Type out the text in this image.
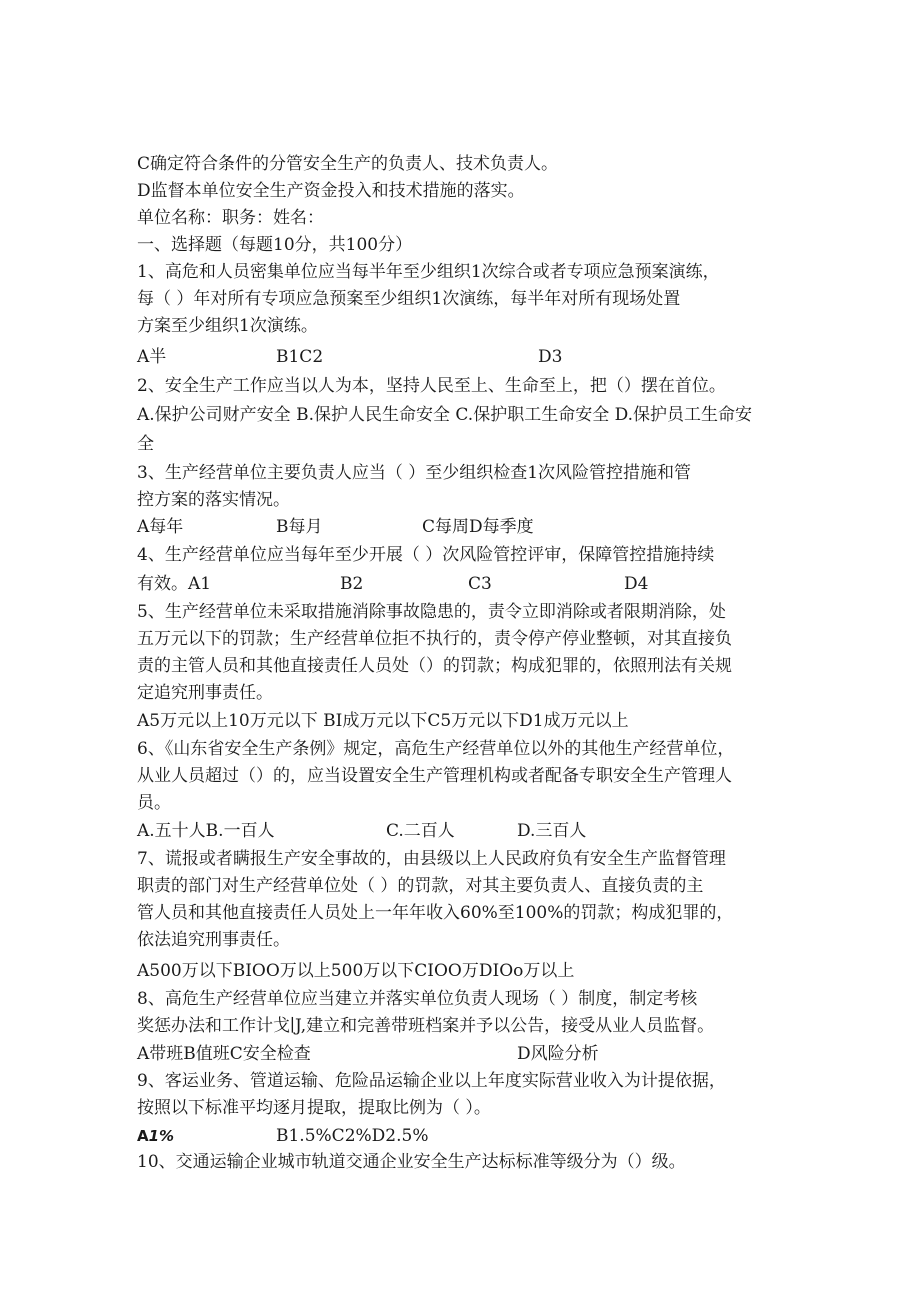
C确定符合条件的分管安全生产的负责人、技术负责人。

D监督本单位安全生产资金投入和技术措施的落实。

单位名称：职务：姓名：

一、选择题（每题10分，共100分）

1、高危和人员密集单位应当每半年至少组织1次综合或者专项应急预案演练，

每（ ）年对所有专项应急预案至少组织1次演练，每半年对所有现场处置

方案至少组织1次演练。

A半	B1C2	D3

2、安全生产工作应当以人为本，坚持人民至上、生命至上，把（）摆在首位。

A.保护公司财产安全 B.保护人民生命安全 C.保护职工生命安全 D.保护员工生命安

全

3、生产经营单位主要负责人应当（ ）至少组织检查1次风险管控措施和管

控方案的落实情况。

A每年	B每月	C每周D每季度

4、生产经营单位应当每年至少开展（ ）次风险管控评审，保障管控措施持续

有效。A1	B2	C3	D4

5、生产经营单位未采取措施消除事故隐患的，责令立即消除或者限期消除，处

五万元以下的罚款；生产经营单位拒不执行的，责令停产停业整顿，对其直接负

责的主管人员和其他直接责任人员处（）的罚款；构成犯罪的，依照刑法有关规

定追究刑事责任。

A5万元以上10万元以下 BI成万元以下C5万元以下D1成万元以上

6、《山东省安全生产条例》规定，高危生产经营单位以外的其他生产经营单位，

从业人员超过（）的，应当设置安全生产管理机构或者配备专职安全生产管理人

员。

A.五十人B.一百人	C.二百人	D.三百人

7、谎报或者瞒报生产安全事故的，由县级以上人民政府负有安全生产监督管理

职责的部门对生产经营单位处（ ）的罚款，对其主要负责人、直接负责的主

管人员和其他直接责任人员处上一年年收入60%至100%的罚款；构成犯罪的，

依法追究刑事责任。

A500万以下BIOO万以上500万以下CIOO万DIOo万以上

8、高危生产经营单位应当建立并落实单位负责人现场（ ）制度，制定考核

奖惩办法和工作计戈∣J,建立和完善带班档案并予以公告，接受从业人员监督。

A带班B值班C安全检查	D风险分析

9、客运业务、管道运输、危险品运输企业以上年度实际营业收入为计提依据，

按照以下标准平均逐月提取，提取比例为（ ）。

A1%	B1.5%C2%D2.5%

10、交通运输企业城市轨道交通企业安全生产达标标准等级分为（）级。
